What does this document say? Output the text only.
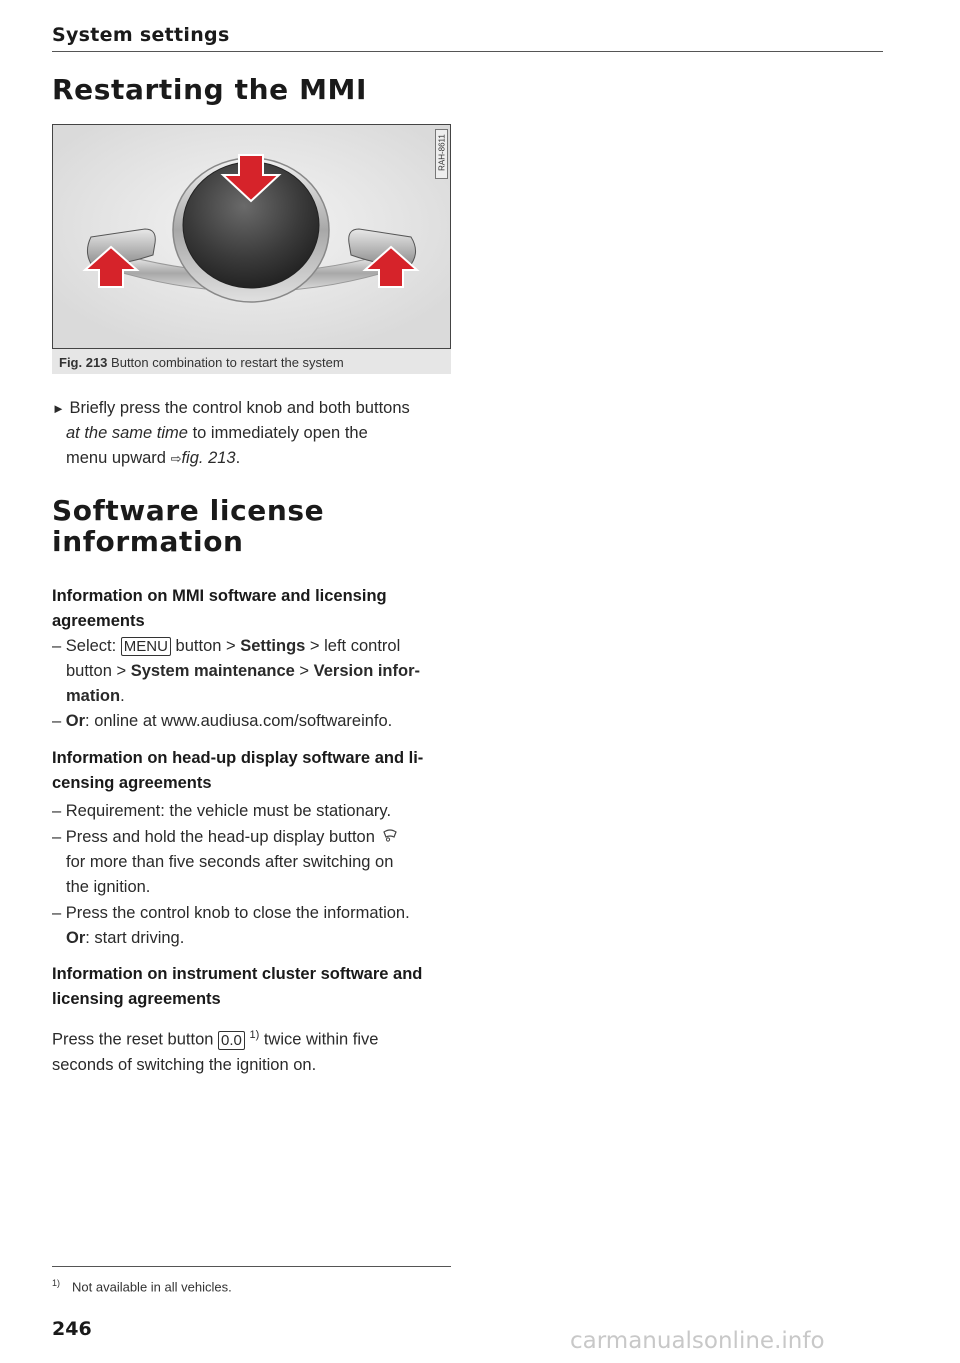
System settings
Restarting the MMI
RAH-8611
Fig. 213 Button combination to restart the system
► Briefly press the control knob and both buttons
at the same time to immediately open the
menu upward ⇨fig. 213.
Software license
information
Information on MMI software and licensing
agreements
– Select: MENU button > Settings > left control
button > System maintenance > Version infor-
mation.
– Or: online at www.audiusa.com/softwareinfo.
Information on head-up display software and li-
censing agreements
– Requirement: the vehicle must be stationary.
– Press and hold the head-up display button
for more than five seconds after switching on
the ignition.
– Press the control knob to close the information.
Or: start driving.
Information on instrument cluster software and
licensing agreements
Press the reset button 0.0 $^{1)}$ twice within five
seconds of switching the ignition on.
$^{1)}$ Not available in all vehicles.
246	carmanualsonline.info
